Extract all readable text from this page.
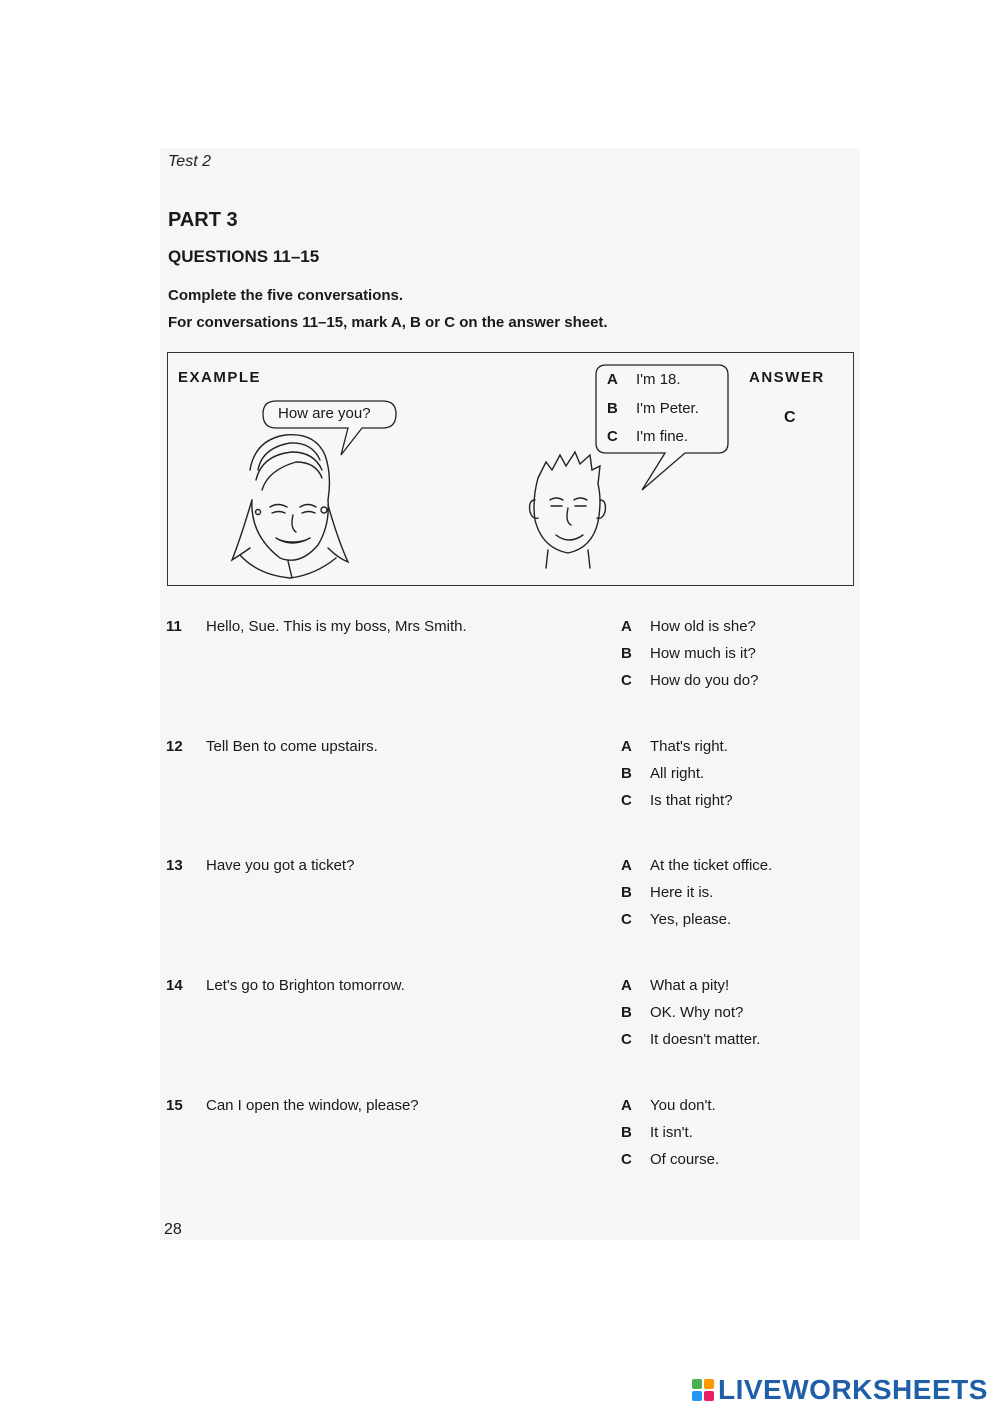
Test 2
PART 3
QUESTIONS 11–15
Complete the five conversations.
For conversations 11–15, mark A, B or C on the answer sheet.
EXAMPLE
How are you?
A I'm 18.
B I'm Peter.
C I'm fine.
ANSWER
C
11 Hello, Sue. This is my boss, Mrs Smith.	A How old is she?
B How much is it?
C How do you do?
12 Tell Ben to come upstairs.	A That's right.
B All right.
C Is that right?
13 Have you got a ticket?	A At the ticket office.
B Here it is.
C Yes, please.
14 Let's go to Brighton tomorrow.	A What a pity!
B OK. Why not?
C It doesn't matter.
15 Can I open the window, please?	A You don't.
B It isn't.
C Of course.
28
LIVEWORKSHEETS
